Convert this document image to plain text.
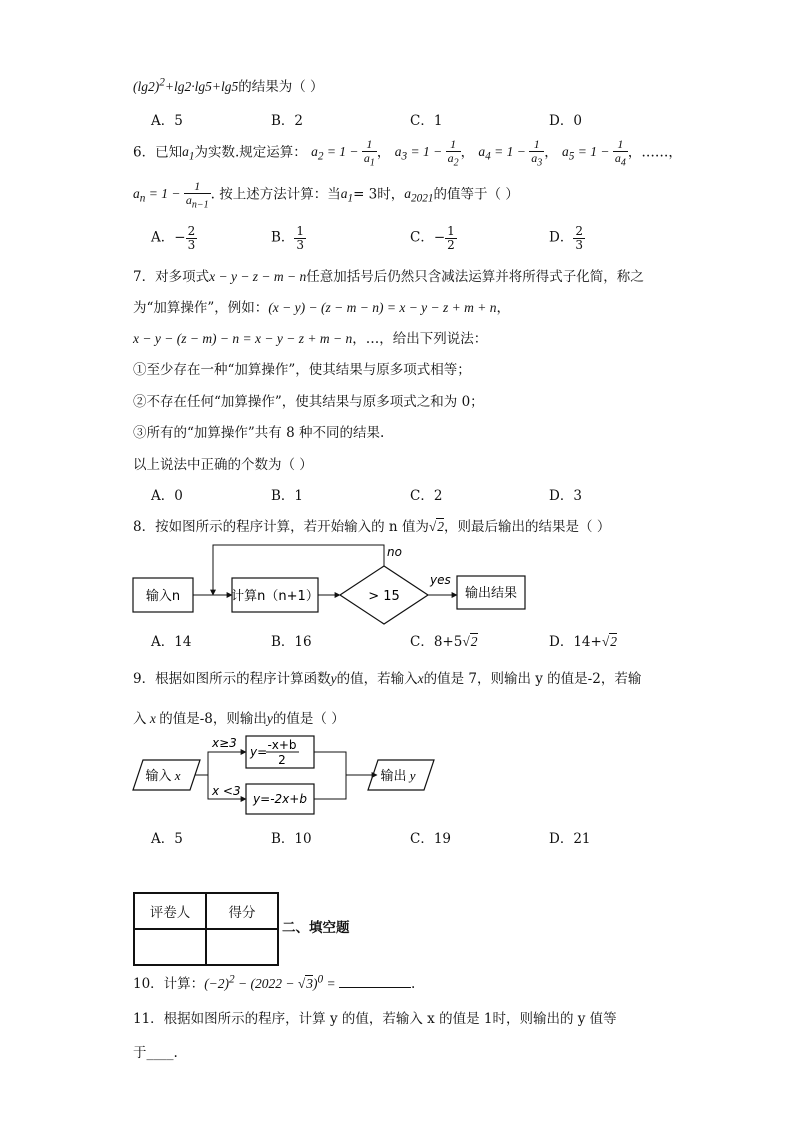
$(\lg 2)^2+\lg 2\cdot\lg 5+\lg 5$的结果为（ ）
A．5	B．2	C．1	D．0
6．已知$a_1$为实数.规定运算： $a_2 = 1 - \frac{1}{a_1}$ ， $a_3 = 1 - \frac{1}{a_2}$ ， $a_4 = 1 - \frac{1}{a_3}$ ， $a_5 = 1 - \frac{1}{a_4}$ ，……，
$a_n = 1 - \frac{1}{a_{n-1}}$ . 按上述方法计算：当$a_1= 3$时，$a_{2021}$的值等于（ ）
A．− $\frac{2}{3}$	B． $\frac{1}{3}$	C．− $\frac{1}{2}$	D． $\frac{2}{3}$
7．对多项式x − y − z − m − n任意加括号后仍然只含减法运算并将所得式子化简，称之
为“加算操作”，例如：(x − y) − (z − m − n) = x − y − z + m + n，
x − y − (z − m) − n = x − y − z + m − n，…，给出下列说法：
①至少存在一种“加算操作”，使其结果与原多项式相等；
②不存在任何“加算操作”，使其结果与原多项式之和为 0；
③所有的“加算操作”共有 8 种不同的结果.
以上说法中正确的个数为（ ）
A．0	B．1	C．2	D．3
8．按如图所示的程序计算，若开始输入的 n 值为√2，则最后输出的结果是（ ）
输入n	计算n（n+1）	> 15
yes
输出结果
no
A．14	B．16	C．8+5√2	D．14+√2
9．根据如图所示的程序计算函数y的值，若输入x的值是 7，则输出 y 的值是-2，若输
入 x 的值是-8，则输出y的值是（ ）
输入 x
x≥3
x <3
y= -x+b
2
y=-2x+b
输出 y
A．5	B．10	C．19	D．21
评卷人	得分

二、填空题
10．计算：$(-2)^2 - (2022 - √3)^0$ =	.
11．根据如图所示的程序，计算 y 的值，若输入 x 的值是 1时，则输出的 y 值等
于____.
